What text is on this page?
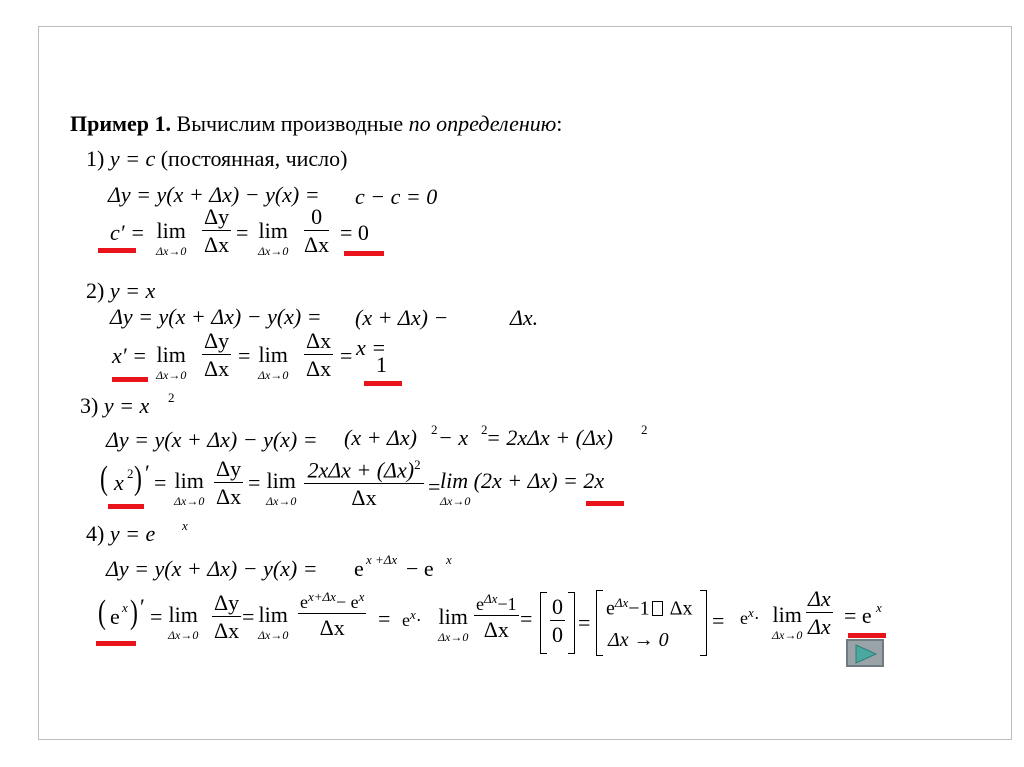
Пример 1. Вычислим производные по определению:
1) y = c (постоянная, число)
Δy = y(x + Δx) − y(x) = c − c = 0
c′ = lim
Δx→0
Δy
Δx = lim
Δx→0
0
Δx = 0
2) y = x
Δy = y(x + Δx) − y(x) = (x + Δx) −	Δx.
x′ = lim
Δx→0
Δy
Δx
= lim
Δx→0
Δx
Δx
x =
= 1
3) y = x 2
Δy = y(x + Δx) − y(x) = (x + Δx) 2 − x 2
= 2xΔx + (Δx) 2
( x 2 ) ′ = lim
Δx→0
Δy
Δx
= lim
Δx→0
$2x\Delta x + (\Delta x)^2$
Δx = lim (2x + Δx) = 2x
Δx→0
4) y = e x
Δy = y(x + Δx) − y(x) = e x +Δx − e x
( e x ) ′ = lim
Δx→0
Δy
Δx
= lim
Δx→0
$e^{x+\Delta x}- e^x$
$\Delta x = e^x\cdot \lim$
Δx→0
$e^{\Delta x}-1$
Δx = 0
0 =
$e^{\Delta x}-1$ Δx
Δx → 0
= $e^x\cdot \lim$
Δx→0
Δx
Δx = e x
